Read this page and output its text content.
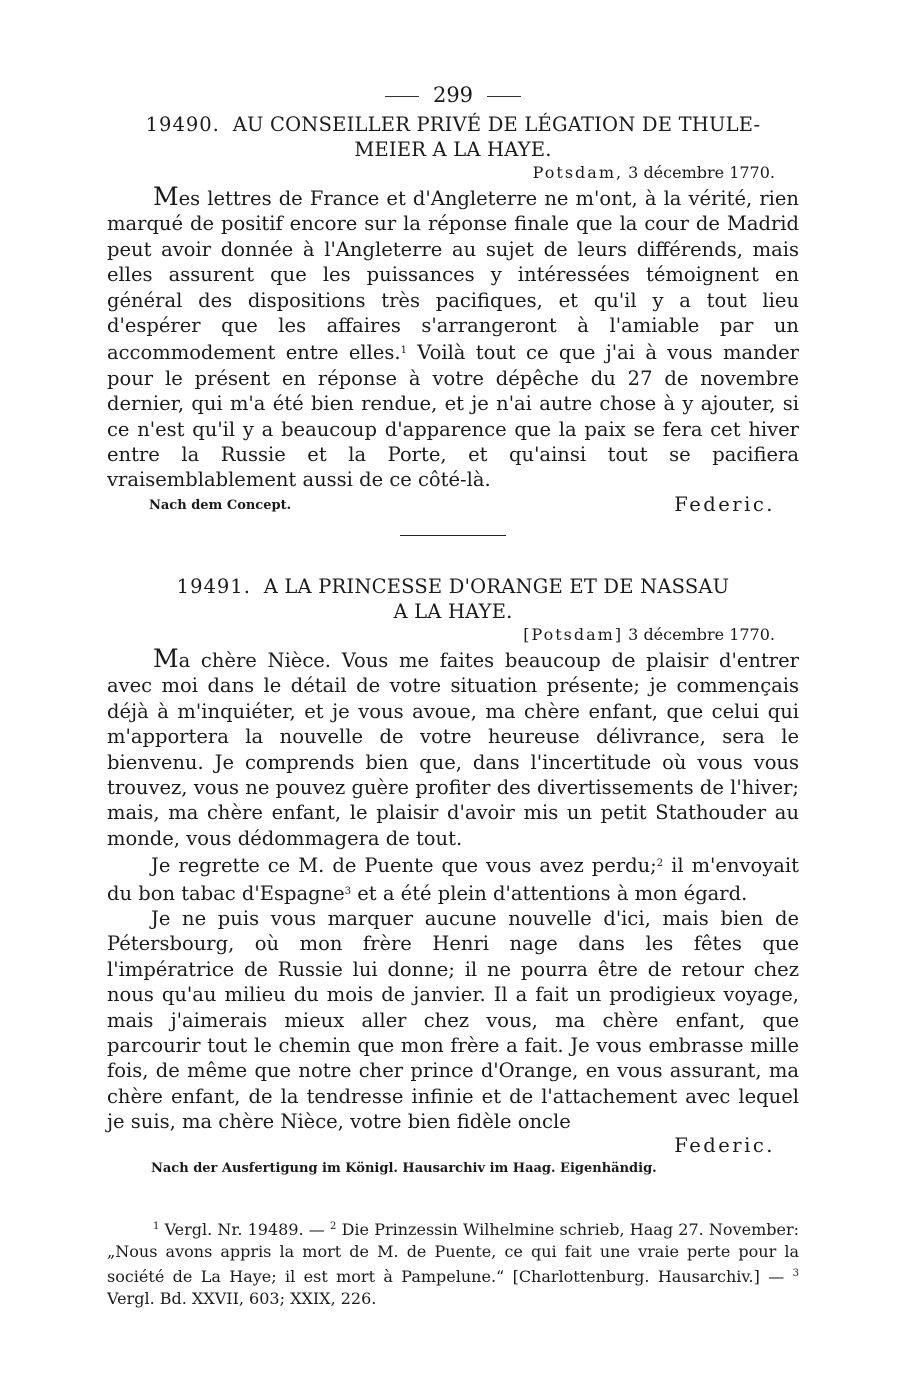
299
19490. AU CONSEILLER PRIVÉ DE LÉGATION DE THULE-
MEIER A LA HAYE.
Potsdam, 3 décembre 1770.

Mes lettres de France et d'Angleterre ne m'ont, à la vérité, rien marqué de positif encore sur la réponse finale que la cour de Madrid peut avoir donnée à l'Angleterre au sujet de leurs différends, mais elles assurent que les puissances y intéressées témoignent en général des dispositions très pacifiques, et qu'il y a tout lieu d'espérer que les affaires s'arrangeront à l'amiable par un accommodement entre elles.$^1$ Voilà tout ce que j'ai à vous mander pour le présent en réponse à votre dépêche du 27 de novembre dernier, qui m'a été bien rendue, et je n'ai autre chose à y ajouter, si ce n'est qu'il y a beaucoup d'apparence que la paix se fera cet hiver entre la Russie et la Porte, et qu'ainsi tout se pacifiera vraisemblablement aussi de ce côté-là.

Nach dem Concept.	Federic.
19491. A LA PRINCESSE D'ORANGE ET DE NASSAU
A LA HAYE.
[Potsdam] 3 décembre 1770.

Ma chère Nièce. Vous me faites beaucoup de plaisir d'entrer avec moi dans le détail de votre situation présente; je commençais déjà à m'inquiéter, et je vous avoue, ma chère enfant, que celui qui m'apportera la nouvelle de votre heureuse délivrance, sera le bienvenu. Je comprends bien que, dans l'incertitude où vous vous trouvez, vous ne pouvez guère profiter des divertissements de l'hiver; mais, ma chère enfant, le plaisir d'avoir mis un petit Stathouder au monde, vous dédommagera de tout.

Je regrette ce M. de Puente que vous avez perdu;$^2$ il m'envoyait du bon tabac d'Espagne$^3$ et a été plein d'attentions à mon égard.

Je ne puis vous marquer aucune nouvelle d'ici, mais bien de Pétersbourg, où mon frère Henri nage dans les fêtes que l'impératrice de Russie lui donne; il ne pourra être de retour chez nous qu'au milieu du mois de janvier. Il a fait un prodigieux voyage, mais j'aimerais mieux aller chez vous, ma chère enfant, que parcourir tout le chemin que mon frère a fait. Je vous embrasse mille fois, de même que notre cher prince d'Orange, en vous assurant, ma chère enfant, de la tendresse infinie et de l'attachement avec lequel je suis, ma chère Nièce, votre bien fidèle oncle

Federic.
Nach der Ausfertigung im Königl. Hausarchiv im Haag. Eigenhändig.
$^1$ Vergl. Nr. 19489. — $^2$ Die Prinzessin Wilhelmine schrieb, Haag 27. November: „Nous avons appris la mort de M. de Puente, ce qui fait une vraie perte pour la société de La Haye; il est mort à Pampelune.“ [Charlottenburg. Hausarchiv.] — $^3$ Vergl. Bd. XXVII, 603; XXIX, 226.
